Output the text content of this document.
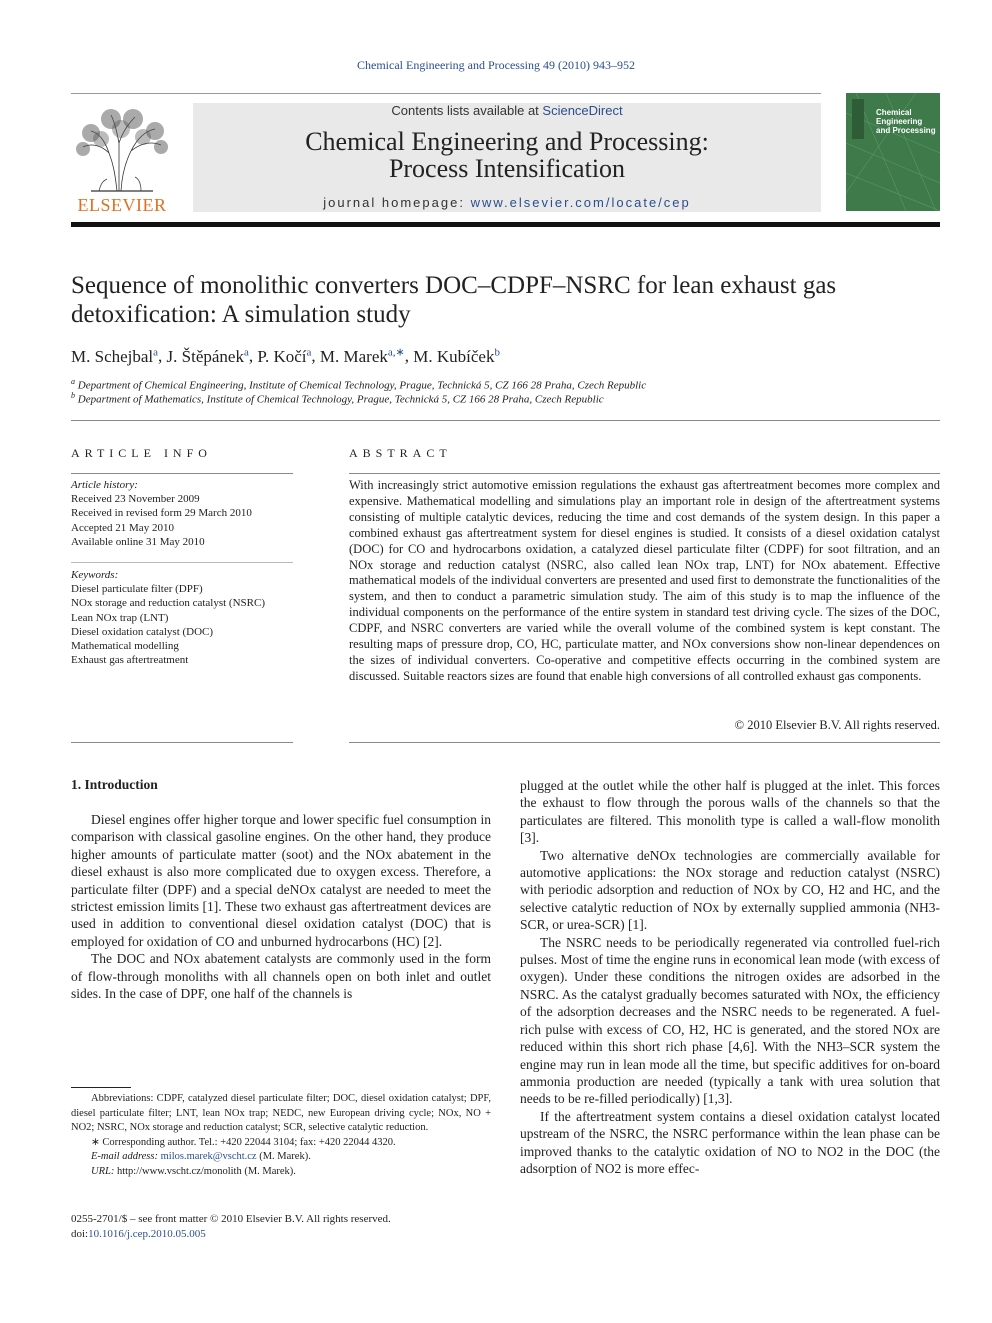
Chemical Engineering and Processing 49 (2010) 943–952
Contents lists available at ScienceDirect
Chemical Engineering and Processing:
Process Intensification
journal homepage: www.elsevier.com/locate/cep
ELSEVIER
Chemical Engineering and Processing
Sequence of monolithic converters DOC–CDPF–NSRC for lean exhaust gas detoxification: A simulation study
M. Schejbal$^a$, J. Štěpánek$^a$, P. Kočí$^a$, M. Marek$^{a,∗}$, M. Kubíček$^b$
$^a$ Department of Chemical Engineering, Institute of Chemical Technology, Prague, Technická 5, CZ 166 28 Praha, Czech Republic
$^b$ Department of Mathematics, Institute of Chemical Technology, Prague, Technická 5, CZ 166 28 Praha, Czech Republic
ARTICLE INFO
Article history:
Received 23 November 2009
Received in revised form 29 March 2010
Accepted 21 May 2010
Available online 31 May 2010
Keywords:
Diesel particulate filter (DPF)
NOx storage and reduction catalyst (NSRC)
Lean NOx trap (LNT)
Diesel oxidation catalyst (DOC)
Mathematical modelling
Exhaust gas aftertreatment
ABSTRACT
With increasingly strict automotive emission regulations the exhaust gas aftertreatment becomes more complex and expensive. Mathematical modelling and simulations play an important role in design of the aftertreatment systems consisting of multiple catalytic devices, reducing the time and cost demands of the system design. In this paper a combined exhaust gas aftertreatment system for diesel engines is studied. It consists of a diesel oxidation catalyst (DOC) for CO and hydrocarbons oxidation, a catalyzed diesel particulate filter (CDPF) for soot filtration, and an NOx storage and reduction catalyst (NSRC, also called lean NOx trap, LNT) for NOx abatement. Effective mathematical models of the individual converters are presented and used first to demonstrate the functionalities of the system, and then to conduct a parametric simulation study. The aim of this study is to map the influence of the individual components on the performance of the entire system in standard test driving cycle. The sizes of the DOC, CDPF, and NSRC converters are varied while the overall volume of the combined system is kept constant. The resulting maps of pressure drop, CO, HC, particulate matter, and NOx conversions show non-linear dependences on the sizes of individual converters. Co-operative and competitive effects occurring in the combined system are discussed. Suitable reactors sizes are found that enable high conversions of all controlled exhaust gas components.
© 2010 Elsevier B.V. All rights reserved.
1. Introduction

Diesel engines offer higher torque and lower specific fuel consumption in comparison with classical gasoline engines. On the other hand, they produce higher amounts of particulate matter (soot) and the NOx abatement in the diesel exhaust is also more complicated due to oxygen excess. Therefore, a particulate filter (DPF) and a special deNOx catalyst are needed to meet the strictest emission limits [1]. These two exhaust gas aftertreatment devices are used in addition to conventional diesel oxidation catalyst (DOC) that is employed for oxidation of CO and unburned hydrocarbons (HC) [2].

The DOC and NOx abatement catalysts are commonly used in the form of flow-through monoliths with all channels open on both inlet and outlet sides. In the case of DPF, one half of the channels is

plugged at the outlet while the other half is plugged at the inlet. This forces the exhaust to flow through the porous walls of the channels so that the particulates are filtered. This monolith type is called a wall-flow monolith [3].

Two alternative deNOx technologies are commercially available for automotive applications: the NOx storage and reduction catalyst (NSRC) with periodic adsorption and reduction of NOx by CO, H2 and HC, and the selective catalytic reduction of NOx by externally supplied ammonia (NH3-SCR, or urea-SCR) [1].

The NSRC needs to be periodically regenerated via controlled fuel-rich pulses. Most of time the engine runs in economical lean mode (with excess of oxygen). Under these conditions the nitrogen oxides are adsorbed in the NSRC. As the catalyst gradually becomes saturated with NOx, the efficiency of the adsorption decreases and the NSRC needs to be regenerated. A fuel-rich pulse with excess of CO, H2, HC is generated, and the stored NOx are reduced within this short rich phase [4,6]. With the NH3–SCR system the engine may run in lean mode all the time, but specific additives for on-board ammonia production are needed (typically a tank with urea solution that needs to be re-filled periodically) [1,3].

If the aftertreatment system contains a diesel oxidation catalyst located upstream of the NSRC, the NSRC performance within the lean phase can be improved thanks to the catalytic oxidation of NO to NO2 in the DOC (the adsorption of NO2 is more effec-

Abbreviations: CDPF, catalyzed diesel particulate filter; DOC, diesel oxidation catalyst; DPF, diesel particulate filter; LNT, lean NOx trap; NEDC, new European driving cycle; NOx, NO + NO2; NSRC, NOx storage and reduction catalyst; SCR, selective catalytic reduction.

∗ Corresponding author. Tel.: +420 22044 3104; fax: +420 22044 4320.

E-mail address: milos.marek@vscht.cz (M. Marek).

URL: http://www.vscht.cz/monolith (M. Marek).

0255-2701/$ – see front matter © 2010 Elsevier B.V. All rights reserved.
doi:10.1016/j.cep.2010.05.005
